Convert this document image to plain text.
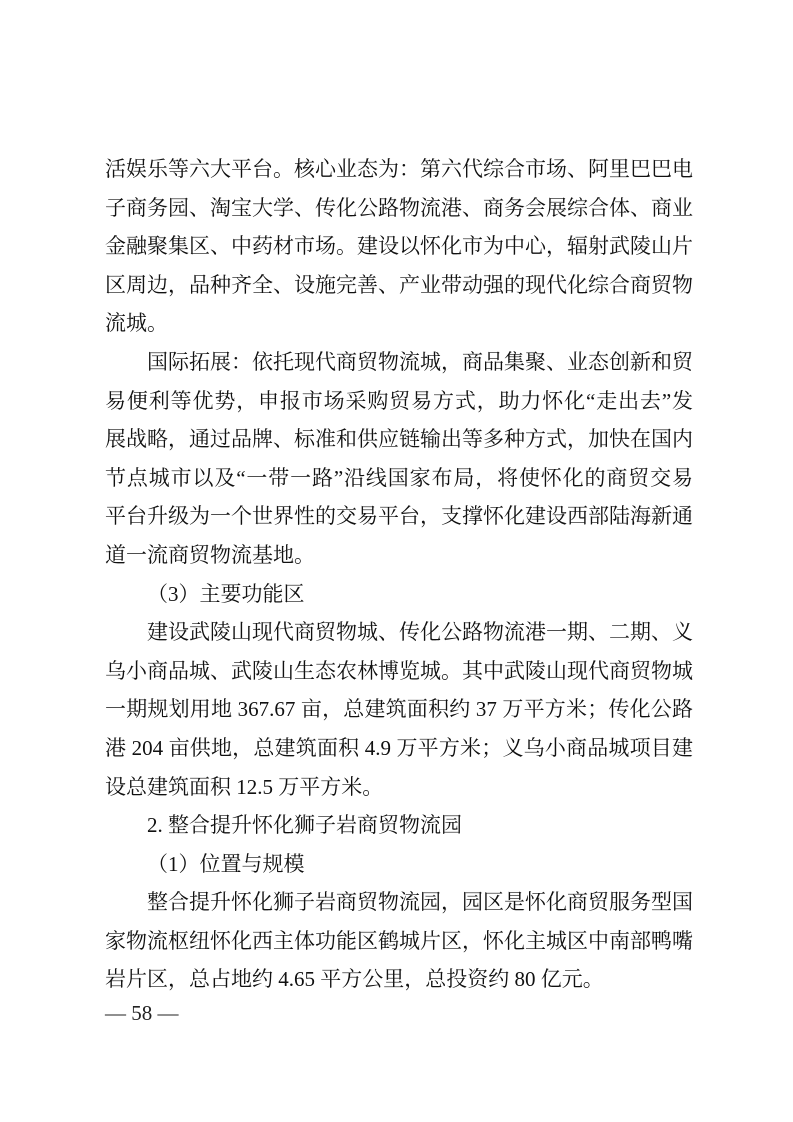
活娱乐等六大平台。核心业态为：第六代综合市场、阿里巴巴电
子商务园、淘宝大学、传化公路物流港、商务会展综合体、商业
金融聚集区、中药材市场。建设以怀化市为中心，辐射武陵山片
区周边，品种齐全、设施完善、产业带动强的现代化综合商贸物
流城。
国际拓展：依托现代商贸物流城，商品集聚、业态创新和贸
易便利等优势，申报市场采购贸易方式，助力怀化“走出去”发
展战略，通过品牌、标准和供应链输出等多种方式，加快在国内
节点城市以及“一带一路”沿线国家布局，将使怀化的商贸交易
平台升级为一个世界性的交易平台，支撑怀化建设西部陆海新通
道一流商贸物流基地。
（3）主要功能区
建设武陵山现代商贸物城、传化公路物流港一期、二期、义
乌小商品城、武陵山生态农林博览城。其中武陵山现代商贸物城
一期规划用地 367.67 亩，总建筑面积约 37 万平方米；传化公路
港 204 亩供地，总建筑面积 4.9 万平方米；义乌小商品城项目建
设总建筑面积 12.5 万平方米。
2. 整合提升怀化狮子岩商贸物流园
（1）位置与规模
整合提升怀化狮子岩商贸物流园，园区是怀化商贸服务型国
家物流枢纽怀化西主体功能区鹤城片区，怀化主城区中南部鸭嘴
岩片区，总占地约 4.65 平方公里，总投资约 80 亿元。
— 58 —
